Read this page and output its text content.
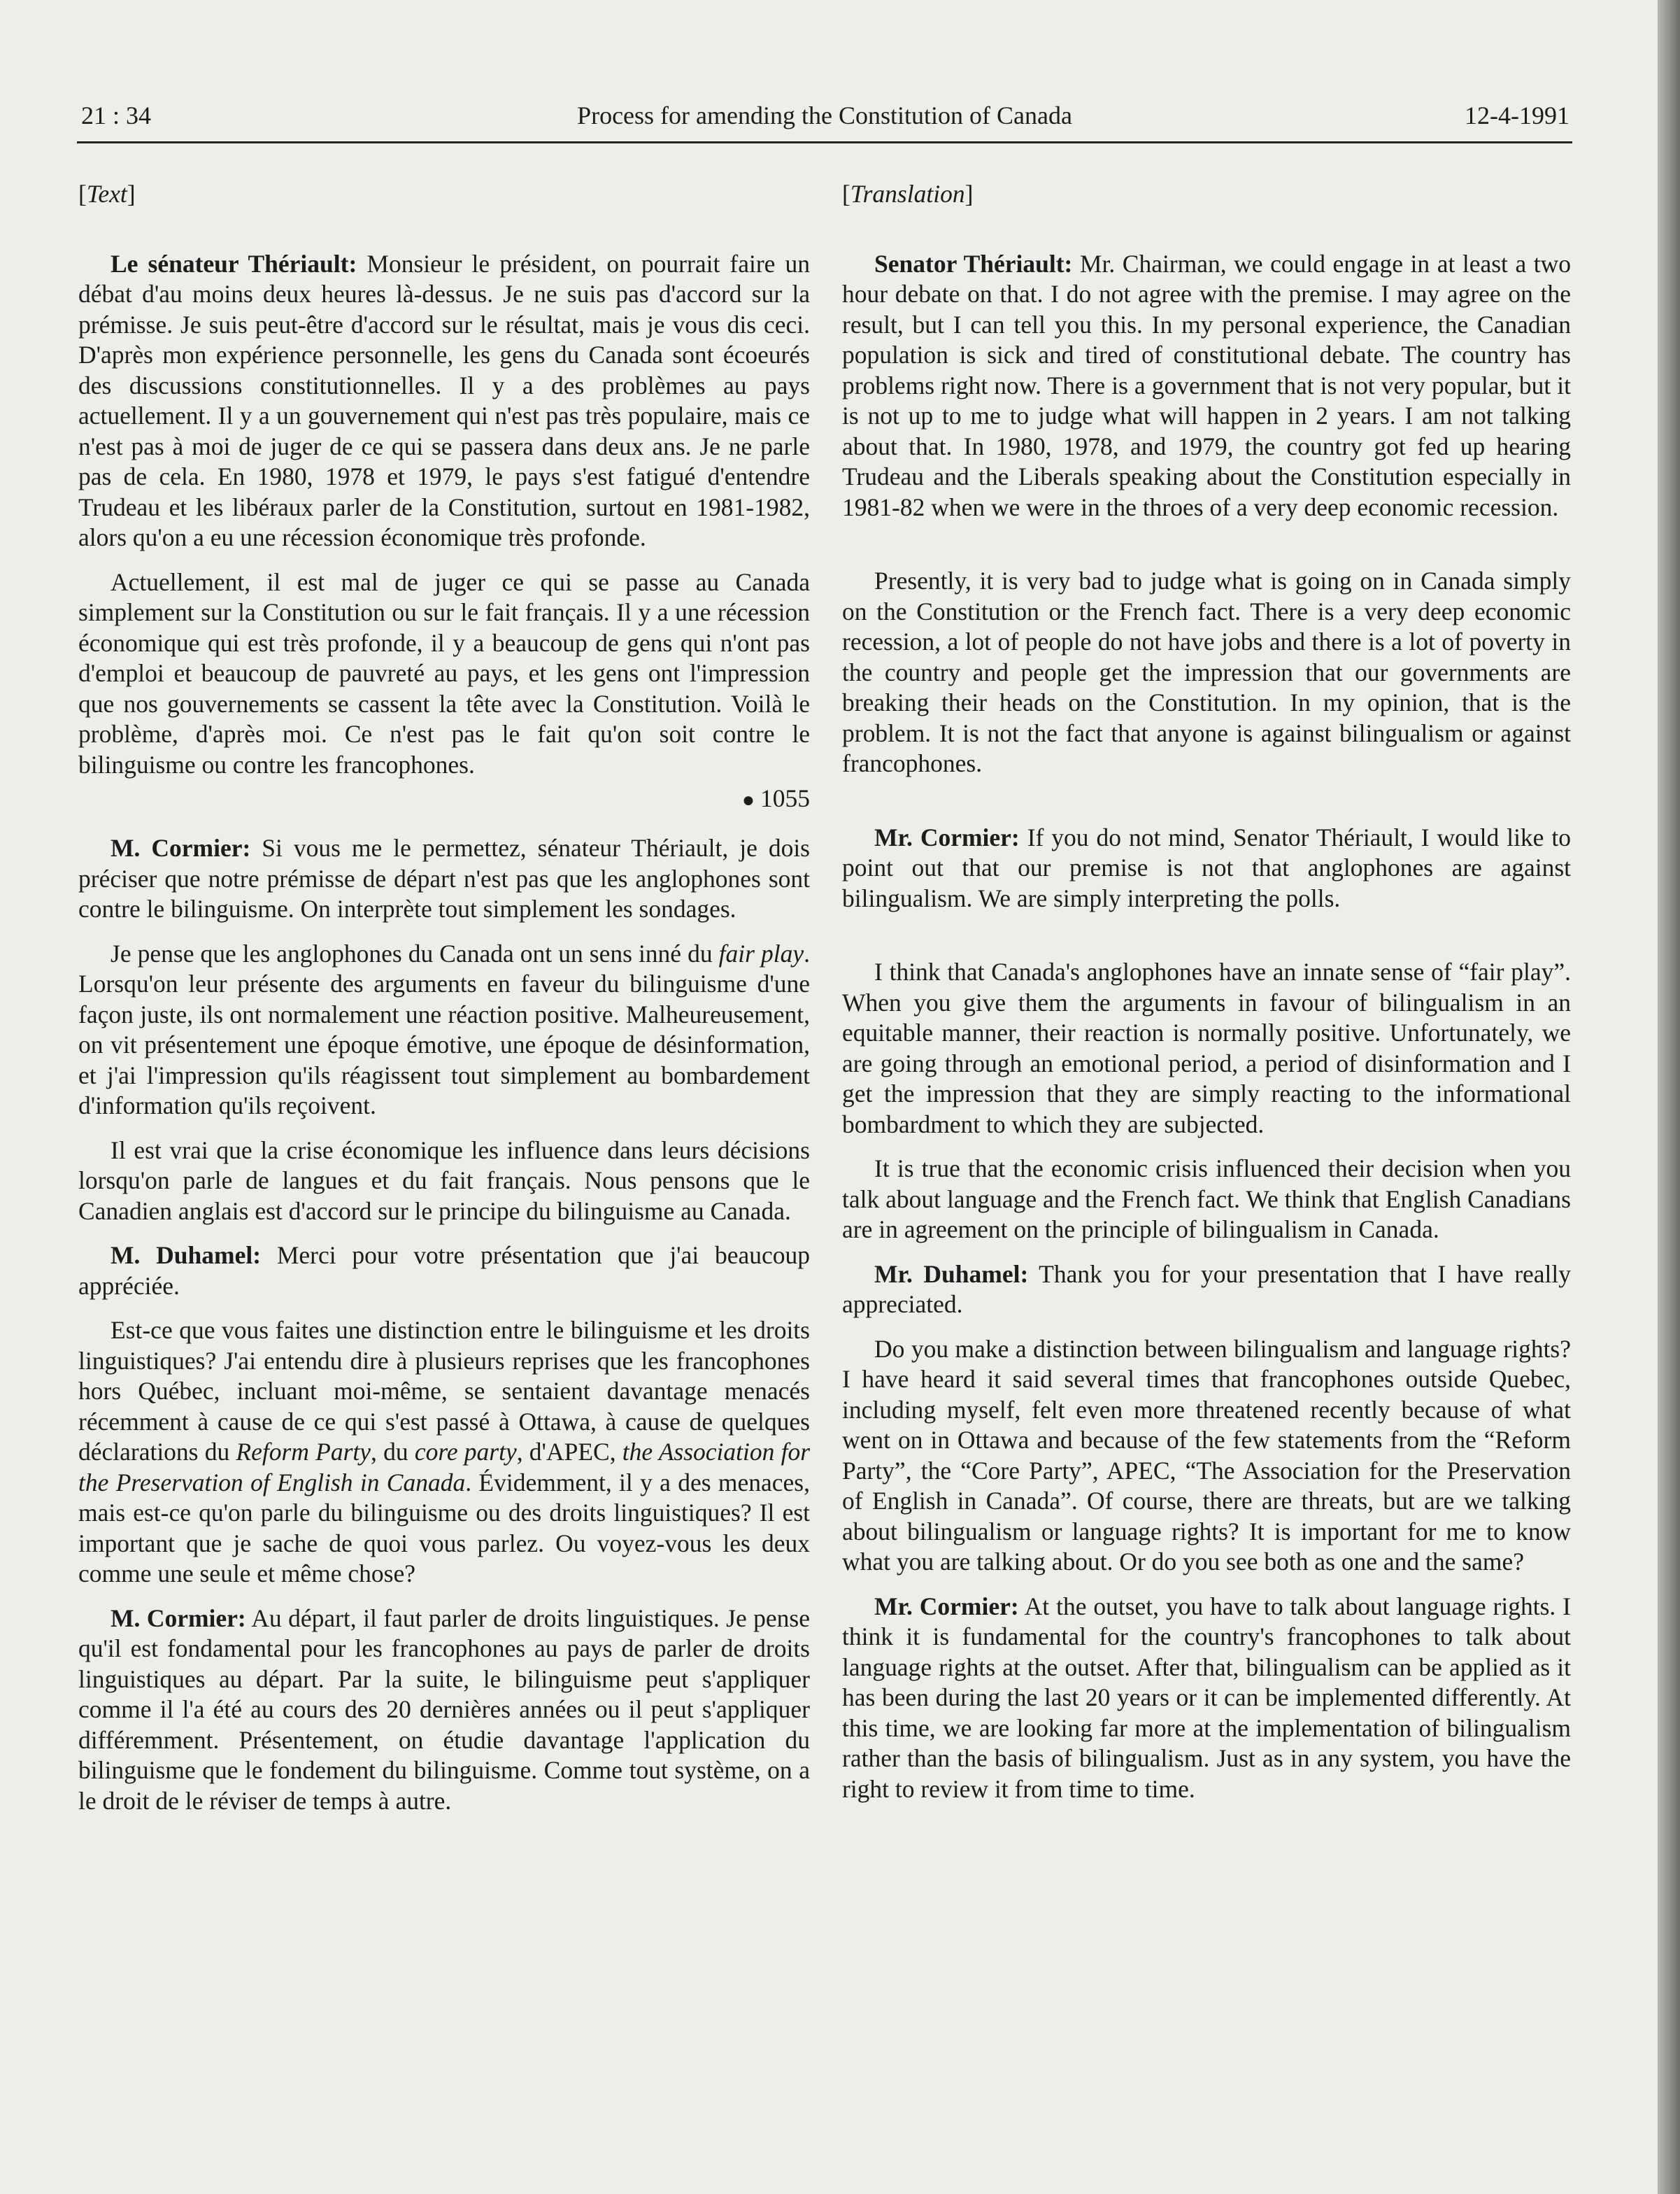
21 : 34	Process for amending the Constitution of Canada	12-4-1991
[Text]

Le sénateur Thériault: Monsieur le président, on pourrait faire un débat d'au moins deux heures là-dessus. Je ne suis pas d'accord sur la prémisse. Je suis peut-être d'accord sur le résultat, mais je vous dis ceci. D'après mon expérience personnelle, les gens du Canada sont écoeurés des discussions constitutionnelles. Il y a des problèmes au pays actuellement. Il y a un gouvernement qui n'est pas très populaire, mais ce n'est pas à moi de juger de ce qui se passera dans deux ans. Je ne parle pas de cela. En 1980, 1978 et 1979, le pays s'est fatigué d'entendre Trudeau et les libéraux parler de la Constitution, surtout en 1981-1982, alors qu'on a eu une récession économique très profonde.

Actuellement, il est mal de juger ce qui se passe au Canada simplement sur la Constitution ou sur le fait français. Il y a une récession économique qui est très profonde, il y a beaucoup de gens qui n'ont pas d'emploi et beaucoup de pauvreté au pays, et les gens ont l'impression que nos gouvernements se cassent la tête avec la Constitution. Voilà le problème, d'après moi. Ce n'est pas le fait qu'on soit contre le bilinguisme ou contre les francophones.

● 1055

M. Cormier: Si vous me le permettez, sénateur Thériault, je dois préciser que notre prémisse de départ n'est pas que les anglophones sont contre le bilinguisme. On interprète tout simplement les sondages.

Je pense que les anglophones du Canada ont un sens inné du fair play. Lorsqu'on leur présente des arguments en faveur du bilinguisme d'une façon juste, ils ont normalement une réaction positive. Malheureusement, on vit présentement une époque émotive, une époque de désinformation, et j'ai l'impression qu'ils réagissent tout simplement au bombardement d'information qu'ils reçoivent.

Il est vrai que la crise économique les influence dans leurs décisions lorsqu'on parle de langues et du fait français. Nous pensons que le Canadien anglais est d'accord sur le principe du bilinguisme au Canada.

M. Duhamel: Merci pour votre présentation que j'ai beaucoup appréciée.

Est-ce que vous faites une distinction entre le bilinguisme et les droits linguistiques? J'ai entendu dire à plusieurs reprises que les francophones hors Québec, incluant moi-même, se sentaient davantage menacés récemment à cause de ce qui s'est passé à Ottawa, à cause de quelques déclarations du Reform Party, du core party, d'APEC, the Association for the Preservation of English in Canada. Évidemment, il y a des menaces, mais est-ce qu'on parle du bilinguisme ou des droits linguistiques? Il est important que je sache de quoi vous parlez. Ou voyez-vous les deux comme une seule et même chose?

M. Cormier: Au départ, il faut parler de droits linguistiques. Je pense qu'il est fondamental pour les francophones au pays de parler de droits linguistiques au départ. Par la suite, le bilinguisme peut s'appliquer comme il l'a été au cours des 20 dernières années ou il peut s'appliquer différemment. Présentement, on étudie davantage l'application du bilinguisme que le fondement du bilinguisme. Comme tout système, on a le droit de le réviser de temps à autre.

[Translation]

Senator Thériault: Mr. Chairman, we could engage in at least a two hour debate on that. I do not agree with the premise. I may agree on the result, but I can tell you this. In my personal experience, the Canadian population is sick and tired of constitutional debate. The country has problems right now. There is a government that is not very popular, but it is not up to me to judge what will happen in 2 years. I am not talking about that. In 1980, 1978, and 1979, the country got fed up hearing Trudeau and the Liberals speaking about the Constitution especially in 1981-82 when we were in the throes of a very deep economic recession.

Presently, it is very bad to judge what is going on in Canada simply on the Constitution or the French fact. There is a very deep economic recession, a lot of people do not have jobs and there is a lot of poverty in the country and people get the impression that our governments are breaking their heads on the Constitution. In my opinion, that is the problem. It is not the fact that anyone is against bilingualism or against francophones.

Mr. Cormier: If you do not mind, Senator Thériault, I would like to point out that our premise is not that anglophones are against bilingualism. We are simply interpreting the polls.

I think that Canada's anglophones have an innate sense of “fair play”. When you give them the arguments in favour of bilingualism in an equitable manner, their reaction is normally positive. Unfortunately, we are going through an emotional period, a period of disinformation and I get the impression that they are simply reacting to the informational bombardment to which they are subjected.

It is true that the economic crisis influenced their decision when you talk about language and the French fact. We think that English Canadians are in agreement on the principle of bilingualism in Canada.

Mr. Duhamel: Thank you for your presentation that I have really appreciated.

Do you make a distinction between bilingualism and language rights? I have heard it said several times that francophones outside Quebec, including myself, felt even more threatened recently because of what went on in Ottawa and because of the few statements from the “Reform Party”, the “Core Party”, APEC, “The Association for the Preservation of English in Canada”. Of course, there are threats, but are we talking about bilingualism or language rights? It is important for me to know what you are talking about. Or do you see both as one and the same?

Mr. Cormier: At the outset, you have to talk about language rights. I think it is fundamental for the country's francophones to talk about language rights at the outset. After that, bilingualism can be applied as it has been during the last 20 years or it can be implemented differently. At this time, we are looking far more at the implementation of bilingualism rather than the basis of bilingualism. Just as in any system, you have the right to review it from time to time.
